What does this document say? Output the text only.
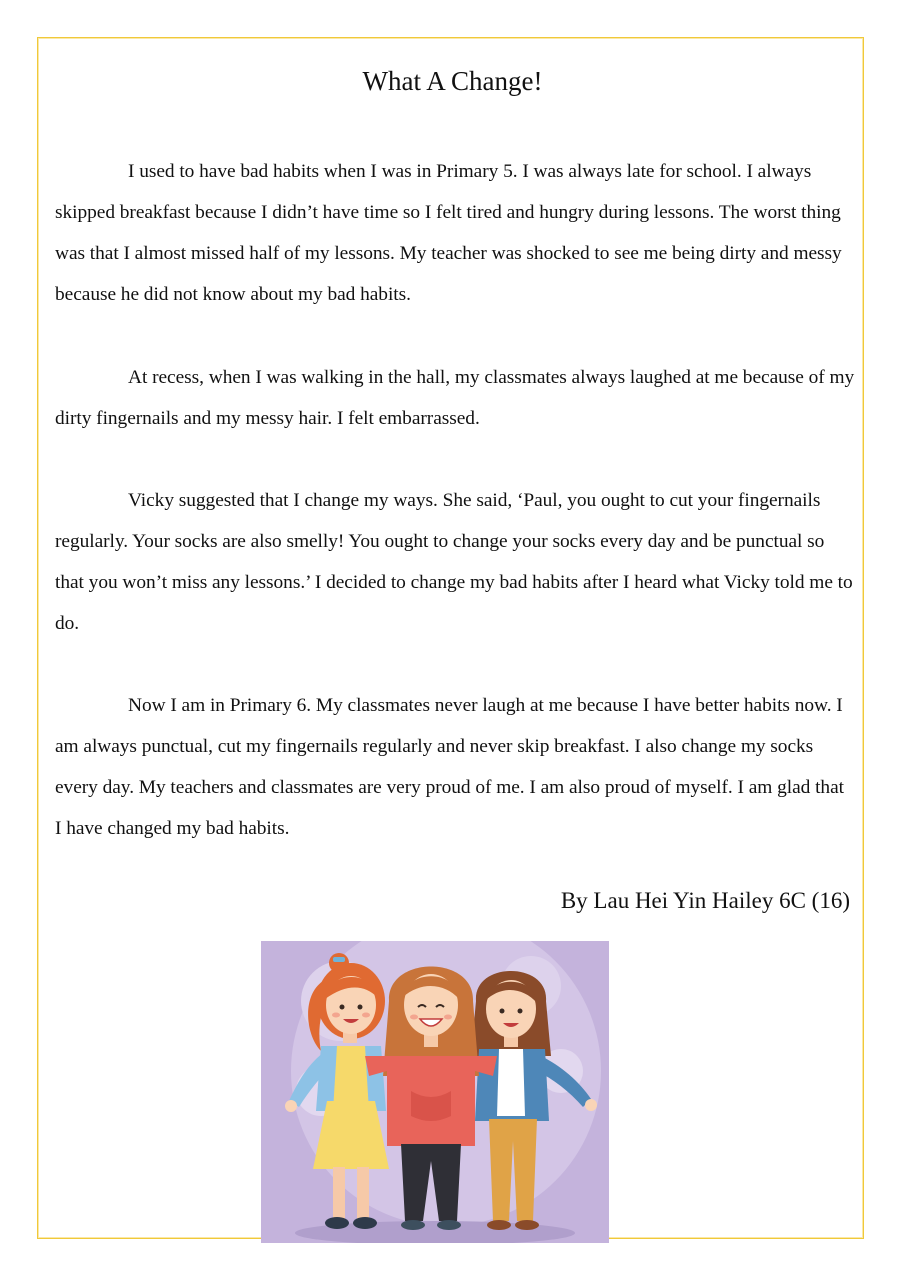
What A Change!

I used to have bad habits when I was in Primary 5. I was always late for school. I always skipped breakfast because I didn’t have time so I felt tired and hungry during lessons. The worst thing was that I almost missed half of my lessons. My teacher was shocked to see me being dirty and messy because he did not know about my bad habits.

At recess, when I was walking in the hall, my classmates always laughed at me because of my dirty fingernails and my messy hair. I felt embarrassed.

Vicky suggested that I change my ways. She said, ‘Paul, you ought to cut your fingernails regularly. Your socks are also smelly! You ought to change your socks every day and be punctual so that you won’t miss any lessons.’ I decided to change my bad habits after I heard what Vicky told me to do.

Now I am in Primary 6. My classmates never laugh at me because I have better habits now. I am always punctual, cut my fingernails regularly and never skip breakfast. I also change my socks every day. My teachers and classmates are very proud of me. I am also proud of myself. I am glad that I have changed my bad habits.

By Lau Hei Yin Hailey 6C (16)
